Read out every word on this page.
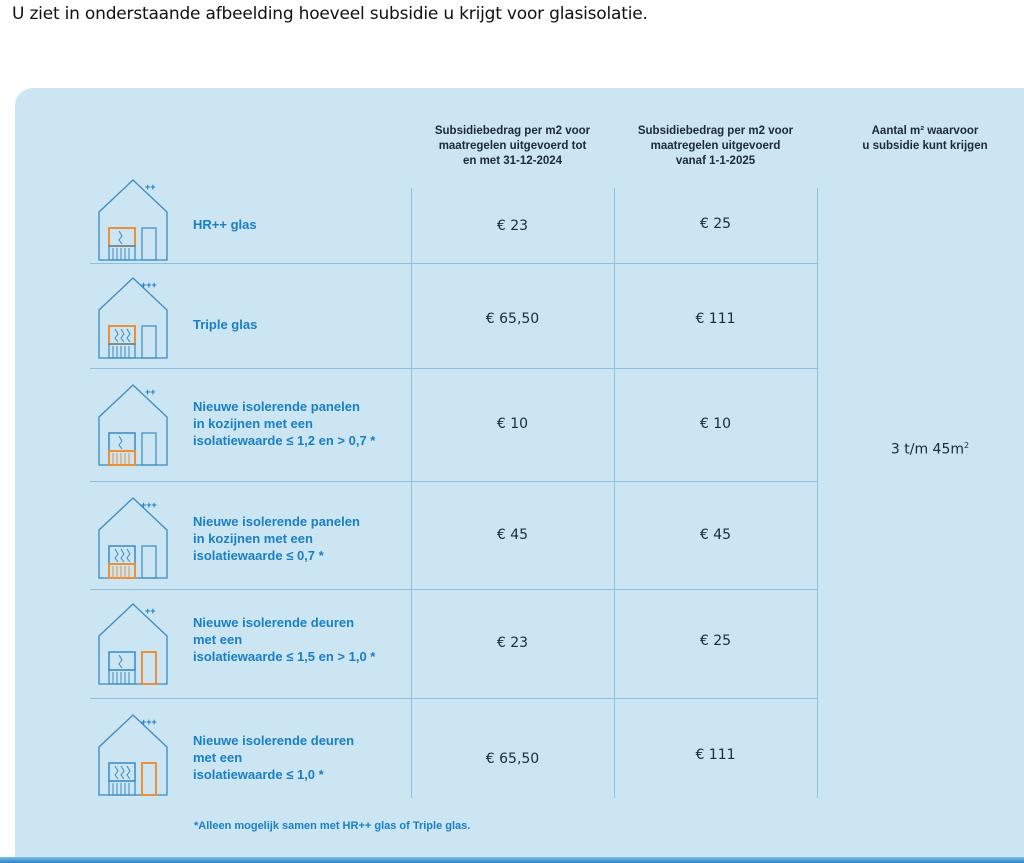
U ziet in onderstaande afbeelding hoeveel subsidie u krijgt voor glasisolatie.
Subsidiebedrag per m2 voor
maatregelen uitgevoerd tot
en met 31-12-2024
Subsidiebedrag per m2 voor
maatregelen uitgevoerd
vanaf 1-1-2025
Aantal m² waarvoor
u subsidie kunt krijgen
++
HR++ glas	€ 23	€ 25
+++
Triple glas	€ 65,50	€ 111
++
Nieuwe isolerende panelen
in kozijnen met een
isolatiewaarde ≤ 1,2 en > 0,7 *
€ 10	€ 10
+++
Nieuwe isolerende panelen
in kozijnen met een
isolatiewaarde ≤ 0,7 *
€ 45	€ 45
++
Nieuwe isolerende deuren
met een
isolatiewaarde ≤ 1,5 en > 1,0 *
€ 23	€ 25
+++
Nieuwe isolerende deuren
met een
isolatiewaarde ≤ 1,0 *
€ 65,50	€ 111
3 t/m $45m^2$
*Alleen mogelijk samen met HR++ glas of Triple glas.
